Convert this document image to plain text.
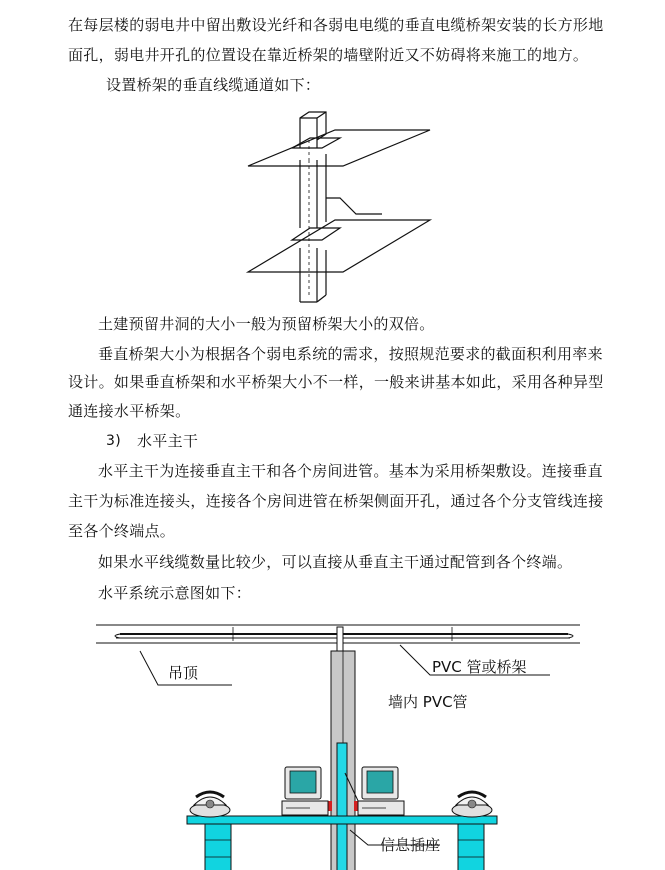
在每层楼的弱电井中留出敷设光纤和各弱电电缆的垂直电缆桥架安装的长方形地
面孔，弱电井开孔的位置设在靠近桥架的墙壁附近又不妨碍将来施工的地方。
设置桥架的垂直线缆通道如下：
土建预留井洞的大小一般为预留桥架大小的双倍。
垂直桥架大小为根据各个弱电系统的需求，按照规范要求的截面积利用率来
设计。如果垂直桥架和水平桥架大小不一样，一般来讲基本如此，采用各种异型
通连接水平桥架。
3) 水平主干
水平主干为连接垂直主干和各个房间进管。基本为采用桥架敷设。连接垂直
主干为标准连接头，连接各个房间进管在桥架侧面开孔，通过各个分支管线连接
至各个终端点。
如果水平线缆数量比较少，可以直接从垂直主干通过配管到各个终端。
水平系统示意图如下：
吊顶	PVC 管或桥架
墙内 PVC管
信息插座
